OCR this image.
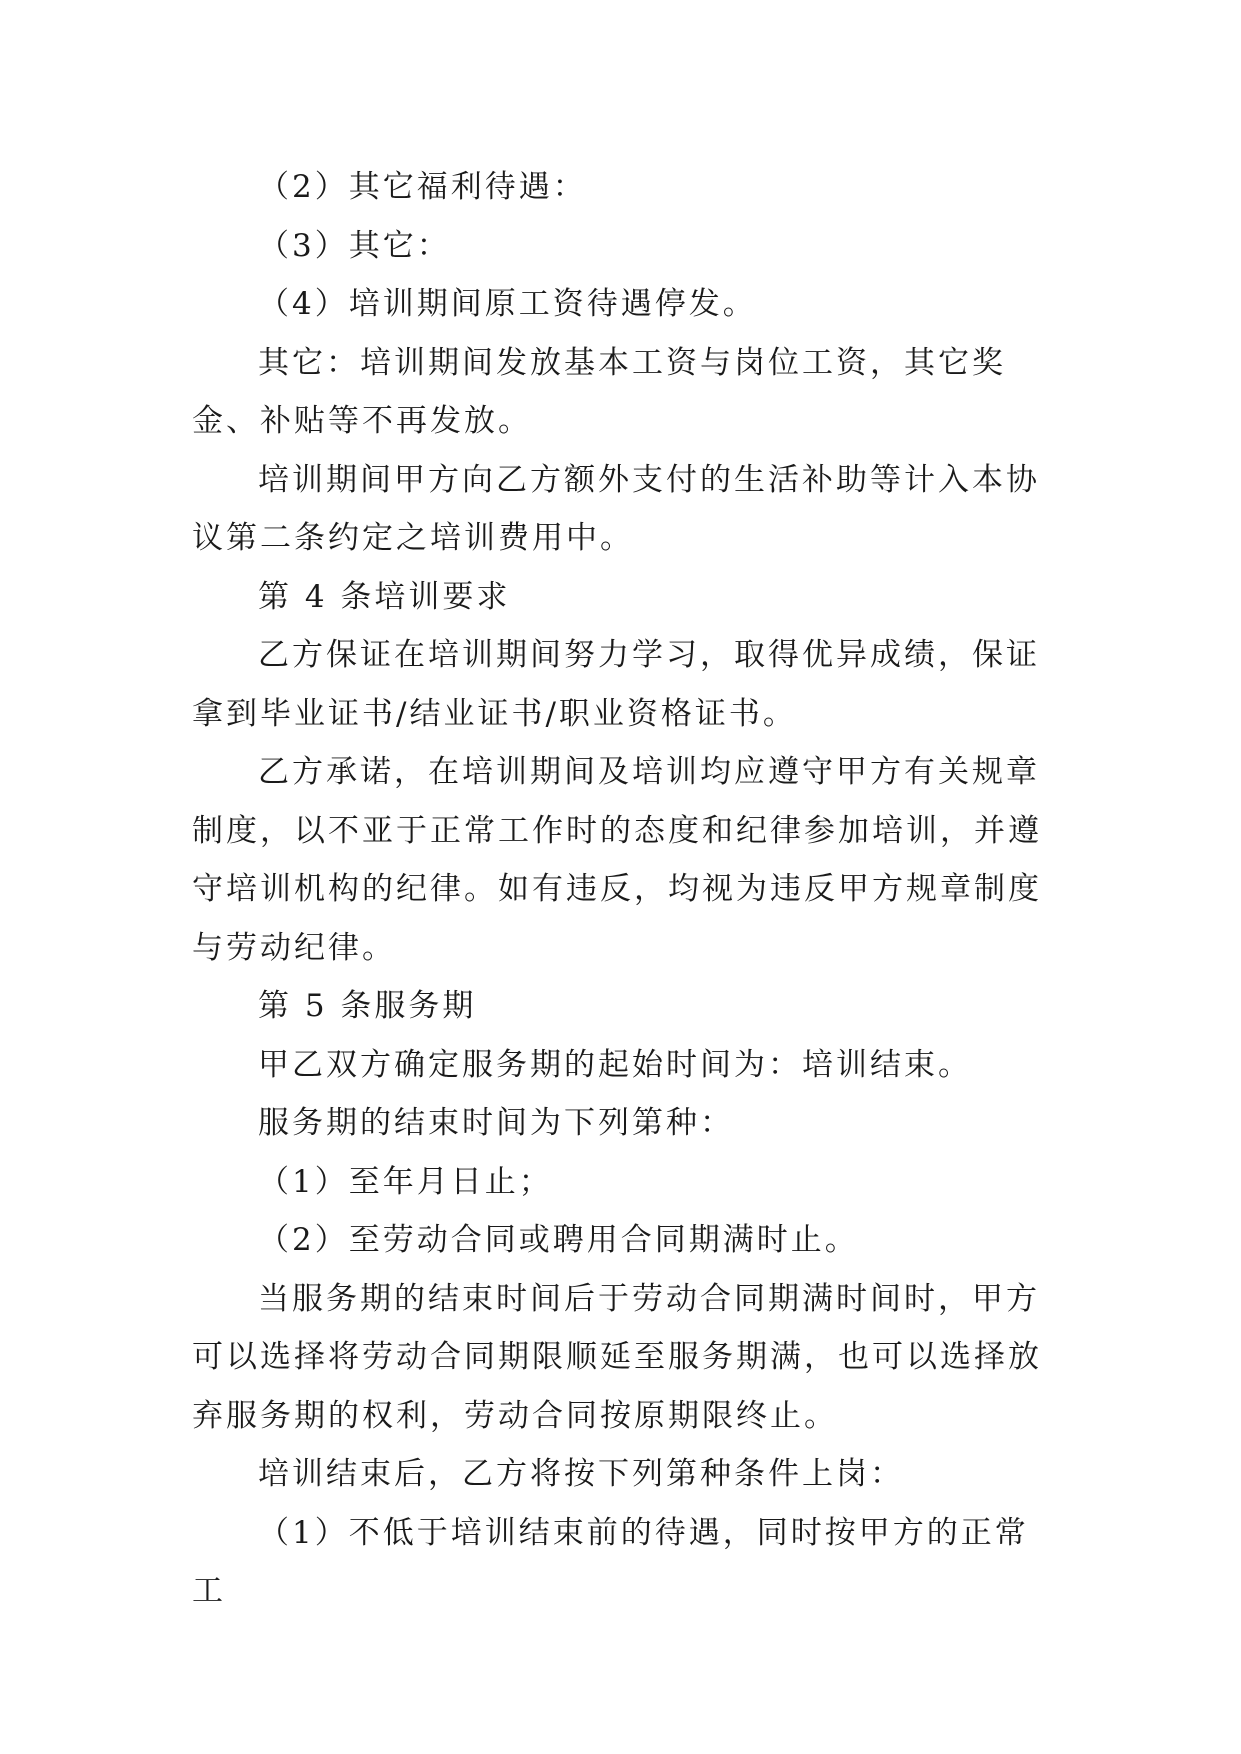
（2）其它福利待遇：

（3）其它：

（4）培训期间原工资待遇停发。

其它：培训期间发放基本工资与岗位工资，其它奖金、补贴等不再发放。

培训期间甲方向乙方额外支付的生活补助等计入本协议第二条约定之培训费用中。

第 4 条培训要求

乙方保证在培训期间努力学习，取得优异成绩，保证拿到毕业证书/结业证书/职业资格证书。

乙方承诺，在培训期间及培训均应遵守甲方有关规章制度，以不亚于正常工作时的态度和纪律参加培训，并遵守培训机构的纪律。如有违反，均视为违反甲方规章制度与劳动纪律。

第 5 条服务期

甲乙双方确定服务期的起始时间为：培训结束。

服务期的结束时间为下列第种：

（1）至年月日止；

（2）至劳动合同或聘用合同期满时止。

当服务期的结束时间后于劳动合同期满时间时，甲方可以选择将劳动合同期限顺延至服务期满，也可以选择放弃服务期的权利，劳动合同按原期限终止。

培训结束后，乙方将按下列第种条件上岗：

（1）不低于培训结束前的待遇，同时按甲方的正常工
